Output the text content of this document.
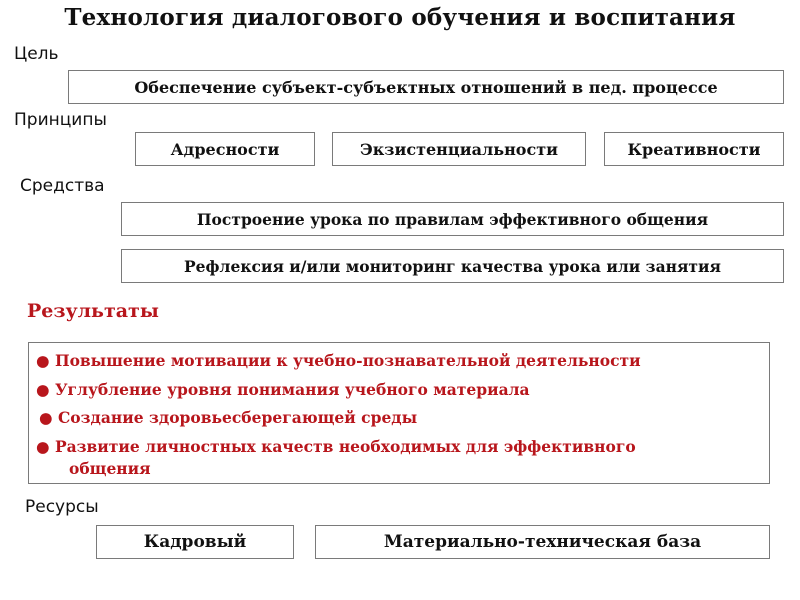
Технология диалогового обучения и воспитания
Цель
Обеспечение субъект-субъектных отношений в пед. процессе
Принципы
Адресности	Экзистенциальности	Креативности
Средства
Построение урока по правилам эффективного общения
Рефлексия и/или мониторинг качества урока или занятия
Результаты
● Повышение мотивации к учебно-познавательной деятельности
● Углубление уровня понимания учебного материала
● Создание здоровьесберегающей среды
● Развитие личностных качеств необходимых для эффективного
общения
Ресурсы
Кадровый	Материально-техническая база
